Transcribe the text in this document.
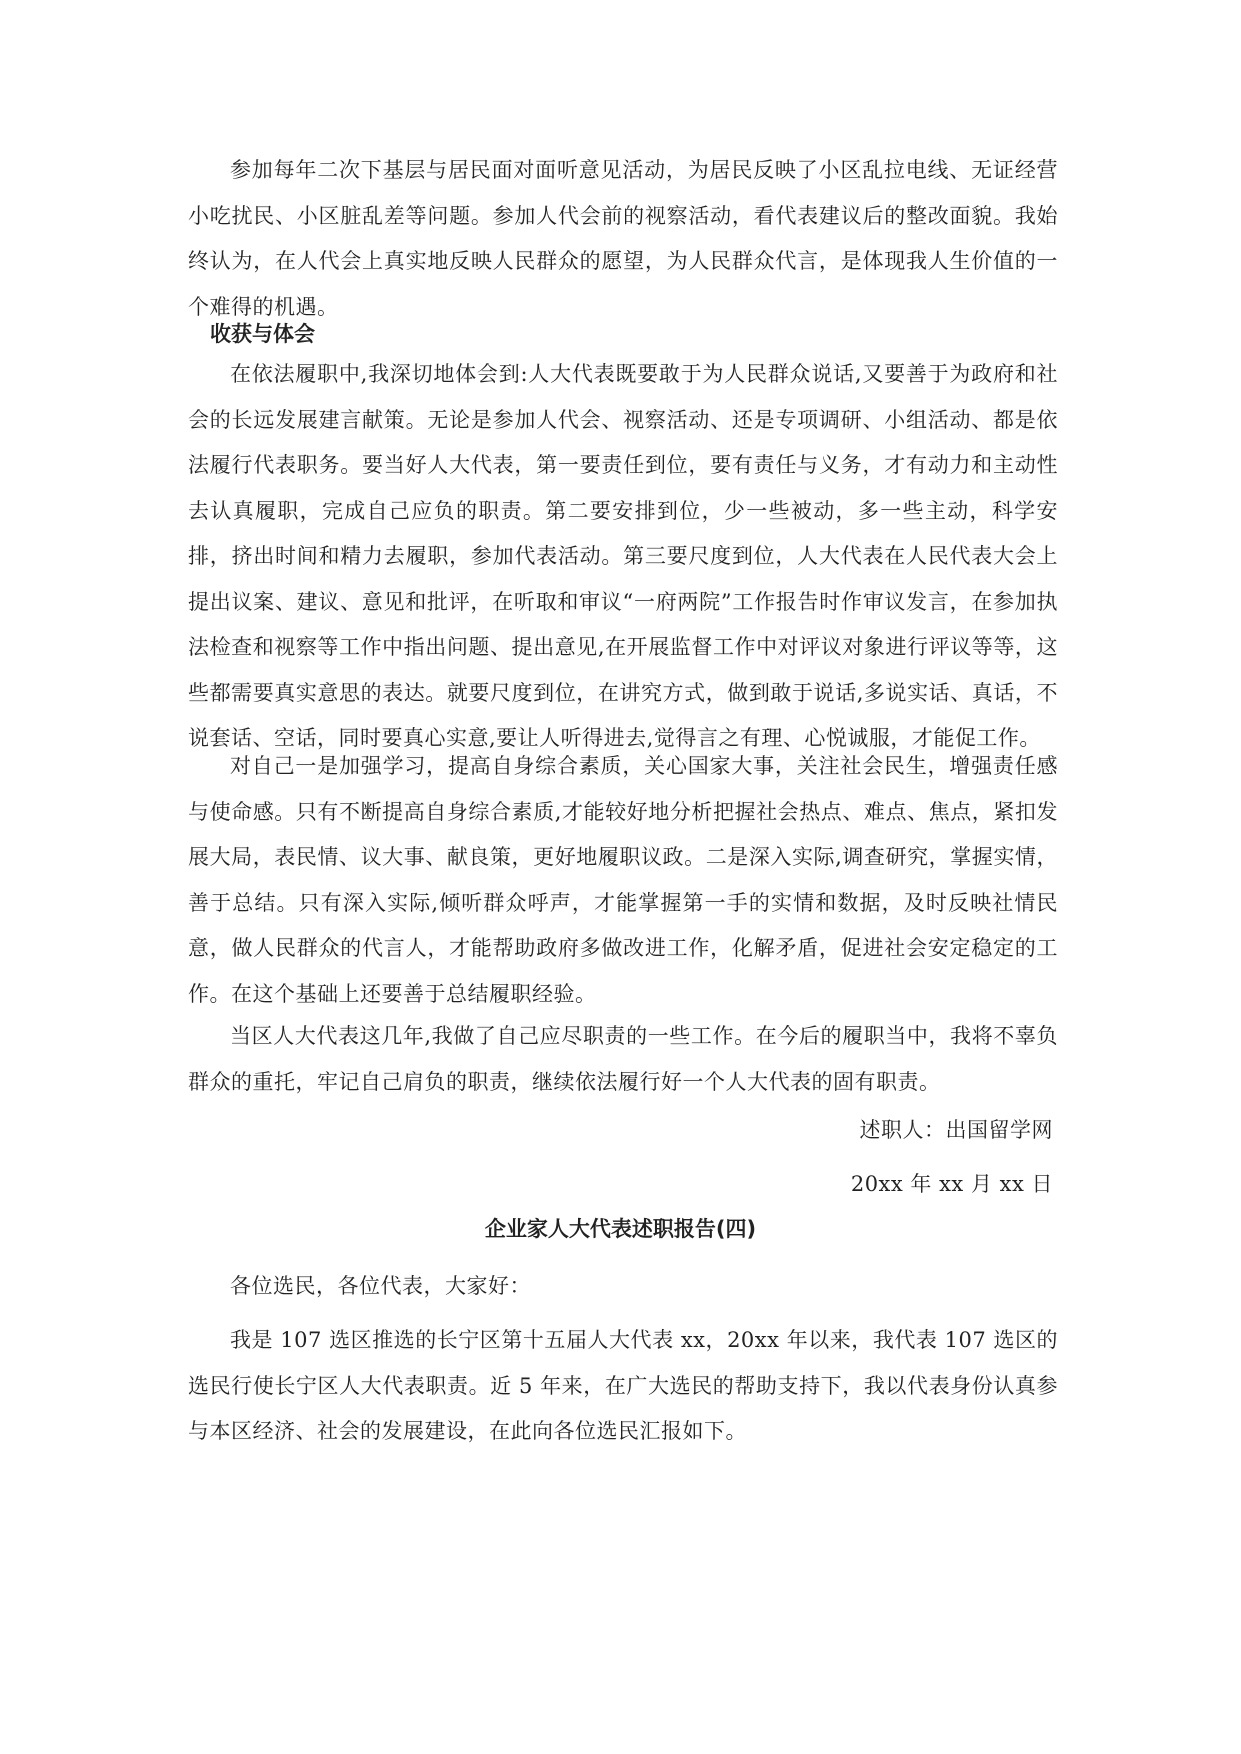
参加每年二次下基层与居民面对面听意见活动，为居民反映了小区乱拉电线、无证经营小吃扰民、小区脏乱差等问题。参加人代会前的视察活动，看代表建议后的整改面貌。我始终认为，在人代会上真实地反映人民群众的愿望，为人民群众代言，是体现我人生价值的一个难得的机遇。

收获与体会

在依法履职中,我深切地体会到:人大代表既要敢于为人民群众说话,又要善于为政府和社会的长远发展建言献策。无论是参加人代会、视察活动、还是专项调研、小组活动、都是依法履行代表职务。要当好人大代表，第一要责任到位，要有责任与义务，才有动力和主动性去认真履职，完成自己应负的职责。第二要安排到位，少一些被动，多一些主动，科学安排，挤出时间和精力去履职，参加代表活动。第三要尺度到位，人大代表在人民代表大会上提出议案、建议、意见和批评，在听取和审议“一府两院”工作报告时作审议发言，在参加执法检查和视察等工作中指出问题、提出意见,在开展监督工作中对评议对象进行评议等等，这些都需要真实意思的表达。就要尺度到位，在讲究方式，做到敢于说话,多说实话、真话，不说套话、空话，同时要真心实意,要让人听得进去,觉得言之有理、心悦诚服，才能促工作。

对自己一是加强学习，提高自身综合素质，关心国家大事，关注社会民生，增强责任感与使命感。只有不断提高自身综合素质,才能较好地分析把握社会热点、难点、焦点，紧扣发展大局，表民情、议大事、献良策，更好地履职议政。二是深入实际,调查研究，掌握实情，善于总结。只有深入实际,倾听群众呼声，才能掌握第一手的实情和数据，及时反映社情民意，做人民群众的代言人，才能帮助政府多做改进工作，化解矛盾，促进社会安定稳定的工作。在这个基础上还要善于总结履职经验。

当区人大代表这几年,我做了自己应尽职责的一些工作。在今后的履职当中，我将不辜负群众的重托，牢记自己肩负的职责，继续依法履行好一个人大代表的固有职责。

述职人：出国留学网

20xx 年 xx 月 xx 日

企业家人大代表述职报告(四)

各位选民，各位代表，大家好：

我是 107 选区推选的长宁区第十五届人大代表 xx，20xx 年以来，我代表 107 选区的选民行使长宁区人大代表职责。近 5 年来，在广大选民的帮助支持下，我以代表身份认真参与本区经济、社会的发展建设，在此向各位选民汇报如下。
